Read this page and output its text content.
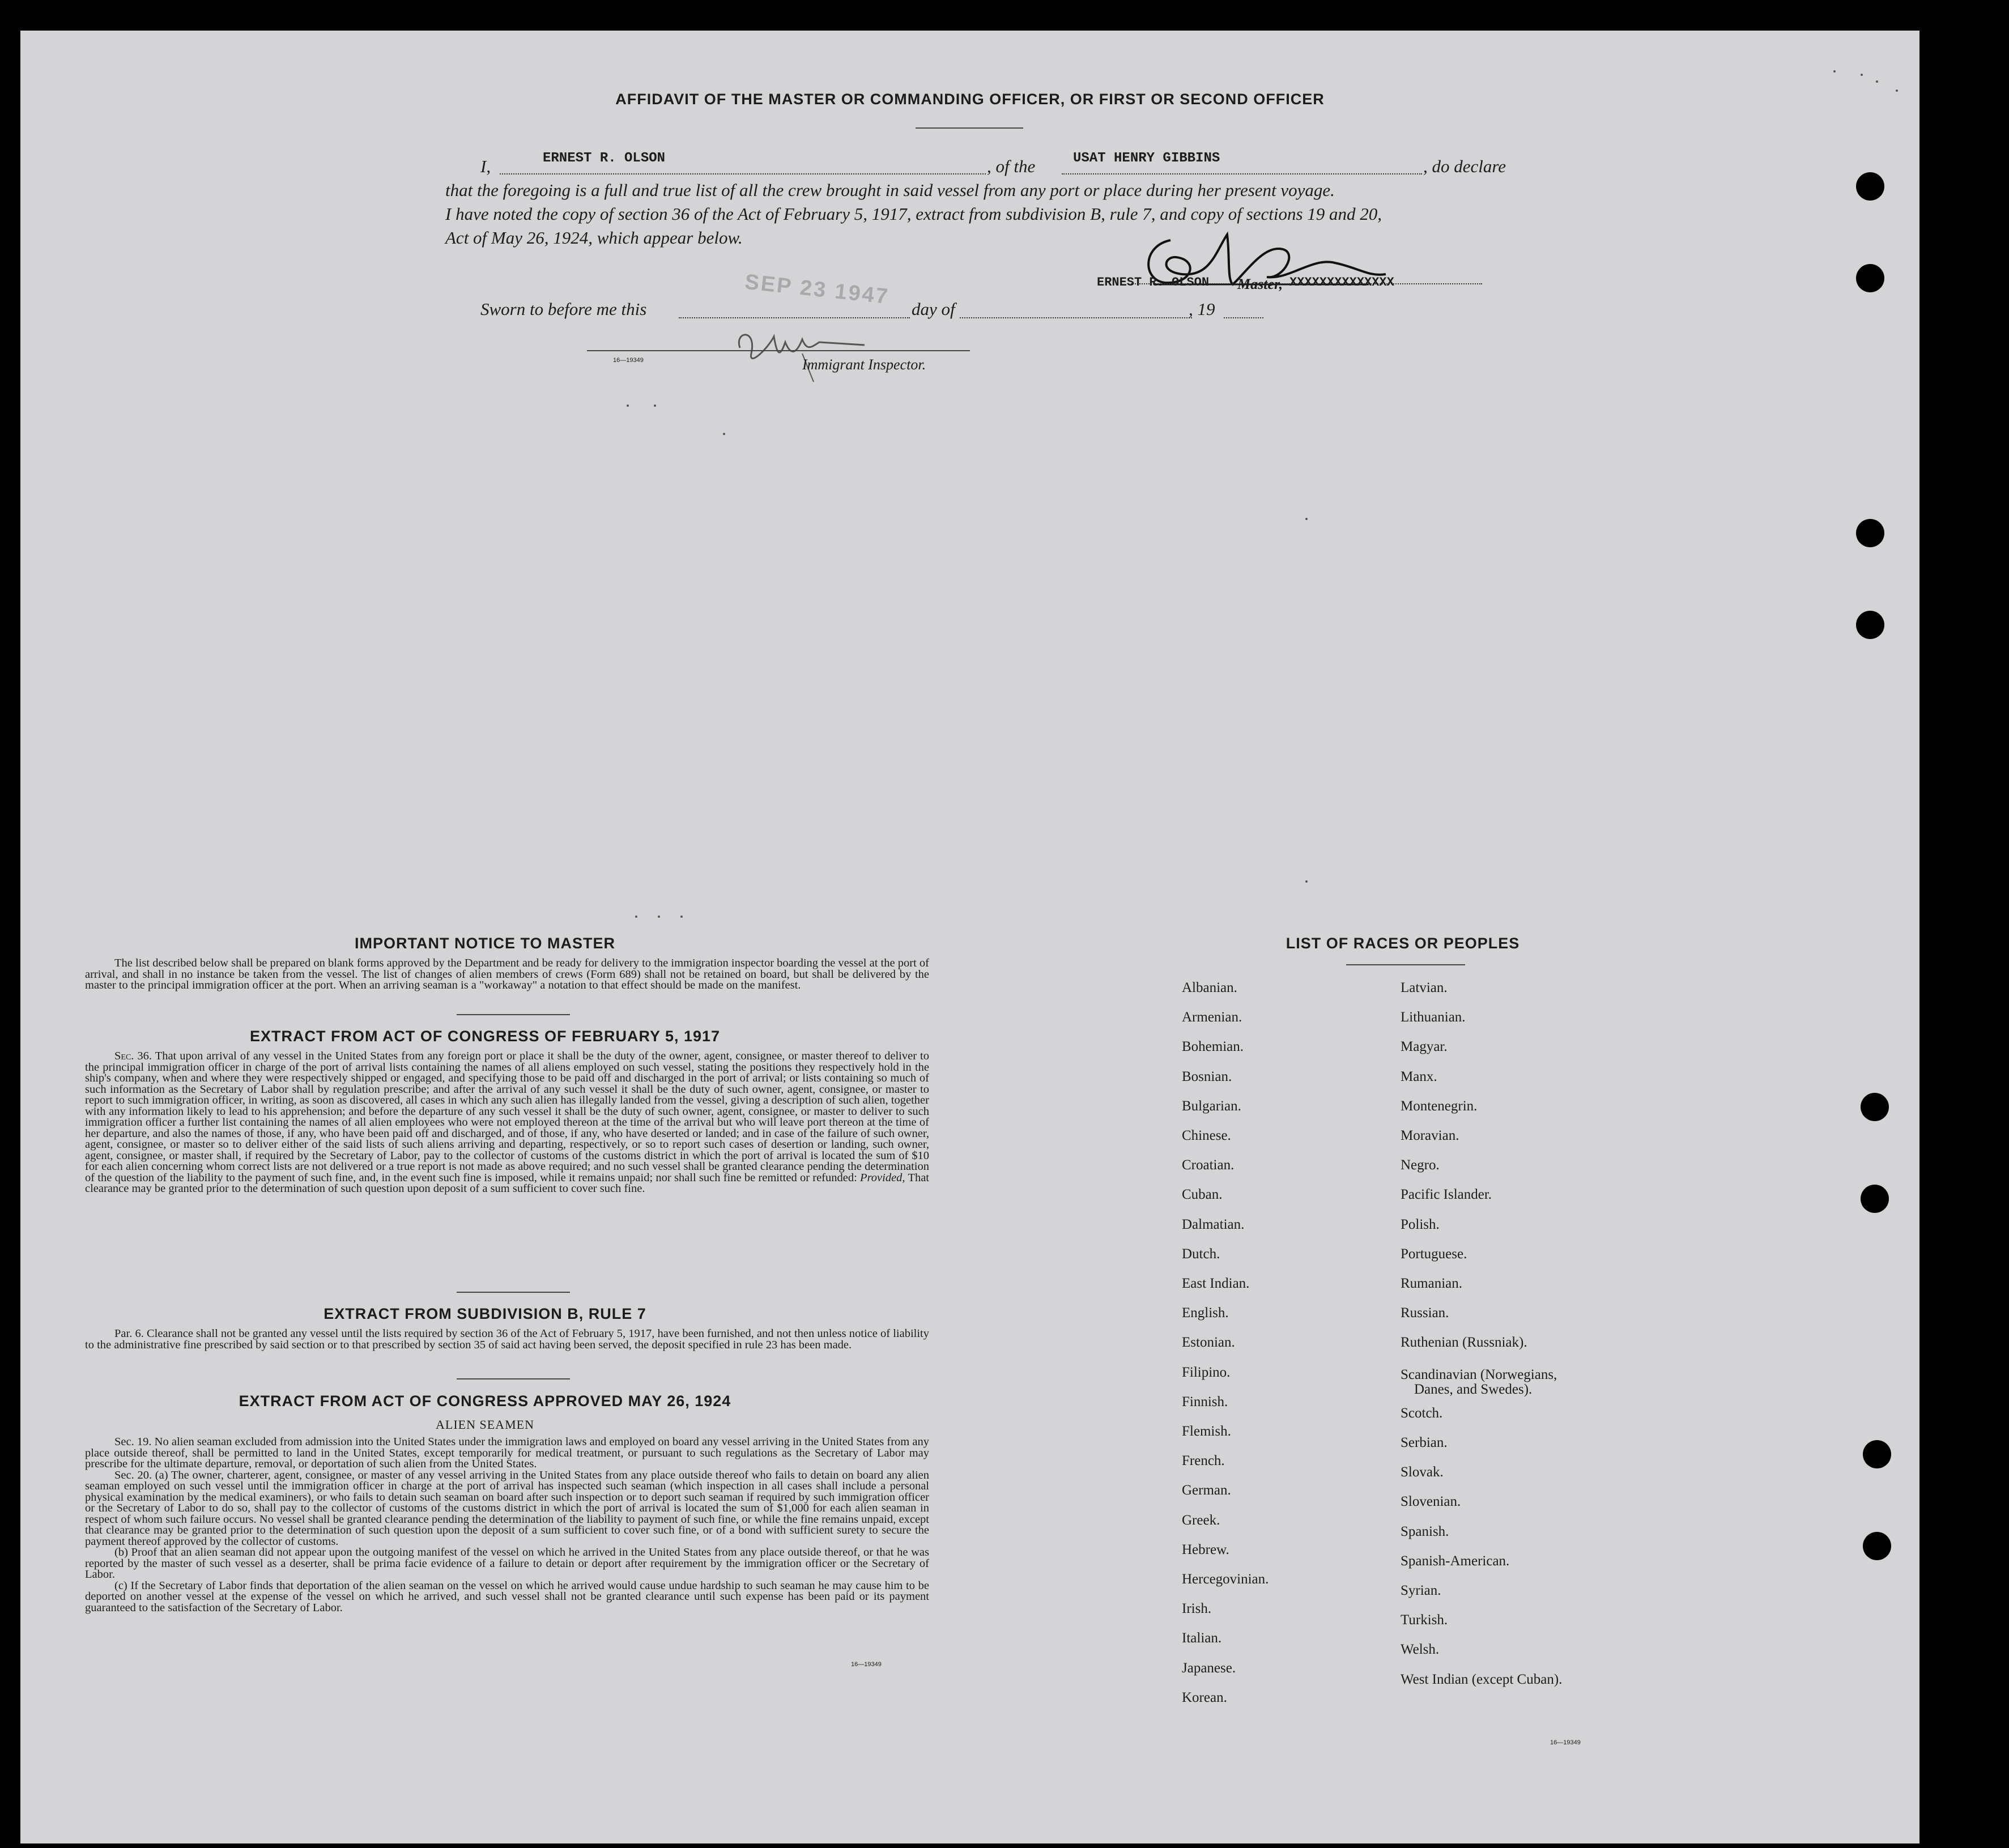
AFFIDAVIT OF THE MASTER OR COMMANDING OFFICER, OR FIRST OR SECOND OFFICER
I,	ERNEST R. OLSON	, of the	USAT HENRY GIBBINS	, do declare
that the foregoing is a full and true list of all the crew brought in said vessel from any port or place during her present voyage.
I have noted the copy of section 36 of the Act of February 5, 1917, extract from subdivision B, rule 7, and copy of sections 19 and 20,
Act of May 26, 1924, which appear below.
ERNEST R. OLSON Master, XXXXXXXXXXXXXX
Sworn to before me this
SEP 23 1947
day of	, 19
16—19349	Immigrant Inspector.
IMPORTANT NOTICE TO MASTER
The list described below shall be prepared on blank forms approved by the Department and be ready for delivery to the immigration inspector boarding the vessel at the port of arrival, and shall in no instance be taken from the vessel. The list of changes of alien members of crews (Form 689) shall not be retained on board, but shall be delivered by the master to the principal immigration officer at the port. When an arriving seaman is a "workaway" a notation to that effect should be made on the manifest.
EXTRACT FROM ACT OF CONGRESS OF FEBRUARY 5, 1917
Sec. 36. That upon arrival of any vessel in the United States from any foreign port or place it shall be the duty of the owner, agent, consignee, or master thereof to deliver to the principal immigration officer in charge of the port of arrival lists containing the names of all aliens employed on such vessel, stating the positions they respectively hold in the ship's company, when and where they were respectively shipped or engaged, and specifying those to be paid off and discharged in the port of arrival; or lists containing so much of such information as the Secretary of Labor shall by regulation prescribe; and after the arrival of any such vessel it shall be the duty of such owner, agent, consignee, or master to report to such immigration officer, in writing, as soon as discovered, all cases in which any such alien has illegally landed from the vessel, giving a description of such alien, together with any information likely to lead to his apprehension; and before the departure of any such vessel it shall be the duty of such owner, agent, consignee, or master to deliver to such immigration officer a further list containing the names of all alien employees who were not employed thereon at the time of the arrival but who will leave port thereon at the time of her departure, and also the names of those, if any, who have been paid off and discharged, and of those, if any, who have deserted or landed; and in case of the failure of such owner, agent, consignee, or master so to deliver either of the said lists of such aliens arriving and departing, respectively, or so to report such cases of desertion or landing, such owner, agent, consignee, or master shall, if required by the Secretary of Labor, pay to the collector of customs of the customs district in which the port of arrival is located the sum of $10 for each alien concerning whom correct lists are not delivered or a true report is not made as above required; and no such vessel shall be granted clearance pending the determination of the question of the liability to the payment of such fine, and, in the event such fine is imposed, while it remains unpaid; nor shall such fine be remitted or refunded: Provided, That clearance may be granted prior to the determination of such question upon deposit of a sum sufficient to cover such fine.
EXTRACT FROM SUBDIVISION B, RULE 7
Par. 6. Clearance shall not be granted any vessel until the lists required by section 36 of the Act of February 5, 1917, have been furnished, and not then unless notice of liability to the administrative fine prescribed by said section or to that prescribed by section 35 of said act having been served, the deposit specified in rule 23 has been made.
EXTRACT FROM ACT OF CONGRESS APPROVED MAY 26, 1924
ALIEN SEAMEN

Sec. 19. No alien seaman excluded from admission into the United States under the immigration laws and employed on board any vessel arriving in the United States from any place outside thereof, shall be permitted to land in the United States, except temporarily for medical treatment, or pursuant to such regulations as the Secretary of Labor may prescribe for the ultimate departure, removal, or deportation of such alien from the United States.

Sec. 20. (a) The owner, charterer, agent, consignee, or master of any vessel arriving in the United States from any place outside thereof who fails to detain on board any alien seaman employed on such vessel until the immigration officer in charge at the port of arrival has inspected such seaman (which inspection in all cases shall include a personal physical examination by the medical examiners), or who fails to detain such seaman on board after such inspection or to deport such seaman if required by such immigration officer or the Secretary of Labor to do so, shall pay to the collector of customs of the customs district in which the port of arrival is located the sum of $1,000 for each alien seaman in respect of whom such failure occurs. No vessel shall be granted clearance pending the determination of the liability to payment of such fine, or while the fine remains unpaid, except that clearance may be granted prior to the determination of such question upon the deposit of a sum sufficient to cover such fine, or of a bond with sufficient surety to secure the payment thereof approved by the collector of customs.

(b) Proof that an alien seaman did not appear upon the outgoing manifest of the vessel on which he arrived in the United States from any place outside thereof, or that he was reported by the master of such vessel as a deserter, shall be prima facie evidence of a failure to detain or deport after requirement by the immigration officer or the Secretary of Labor.

(c) If the Secretary of Labor finds that deportation of the alien seaman on the vessel on which he arrived would cause undue hardship to such seaman he may cause him to be deported on another vessel at the expense of the vessel on which he arrived, and such vessel shall not be granted clearance until such expense has been paid or its payment guaranteed to the satisfaction of the Secretary of Labor.

16—19349
LIST OF RACES OR PEOPLES
16—19349
Albanian.
Armenian.
Bohemian.
Bosnian.
Bulgarian.
Chinese.
Croatian.
Cuban.
Dalmatian.
Dutch.
East Indian.
English.
Estonian.
Filipino.
Finnish.
Flemish.
French.
German.
Greek.
Hebrew.
Hercegovinian.
Irish.
Italian.
Japanese.
Korean.
Latvian.
Lithuanian.
Magyar.
Manx.
Montenegrin.
Moravian.
Negro.
Pacific Islander.
Polish.
Portuguese.
Rumanian.
Russian.
Ruthenian (Russniak).
Scandinavian (Norwegians,
Danes, and Swedes).
Scotch.
Serbian.
Slovak.
Slovenian.
Spanish.
Spanish-American.
Syrian.
Turkish.
Welsh.
West Indian (except Cuban).
